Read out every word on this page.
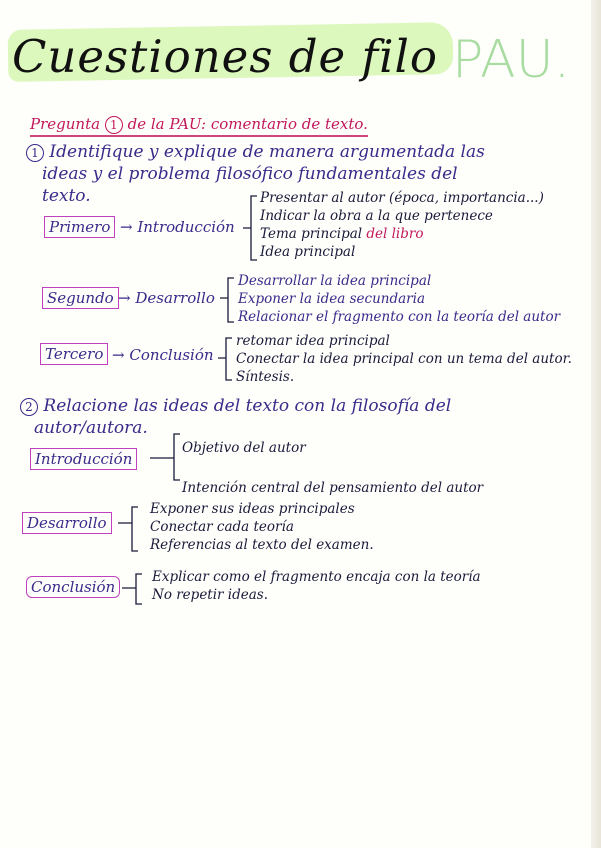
Cuestiones de filo PAU.
Pregunta 1 de la PAU: comentario de texto.
1 Identifique y explique de manera argumentada las
ideas y el problema filosófico fundamentales del
texto.
Primero → Introducción
Presentar al autor (época, importancia...)
Indicar la obra a la que pertenece
Tema principal del libro
Idea principal
Segundo → Desarrollo
Desarrollar la idea principal
Exponer la idea secundaria
Relacionar el fragmento con la teoría del autor
Tercero → Conclusión
retomar idea principal
Conectar la idea principal con un tema del autor.
Síntesis.
2 Relacione las ideas del texto con la filosofía del
autor/autora.
Introducción
Objetivo del autor
Intención central del pensamiento del autor
Desarrollo
Exponer sus ideas principales
Conectar cada teoría
Referencias al texto del examen.
Conclusión
Explicar como el fragmento encaja con la teoría
No repetir ideas.
